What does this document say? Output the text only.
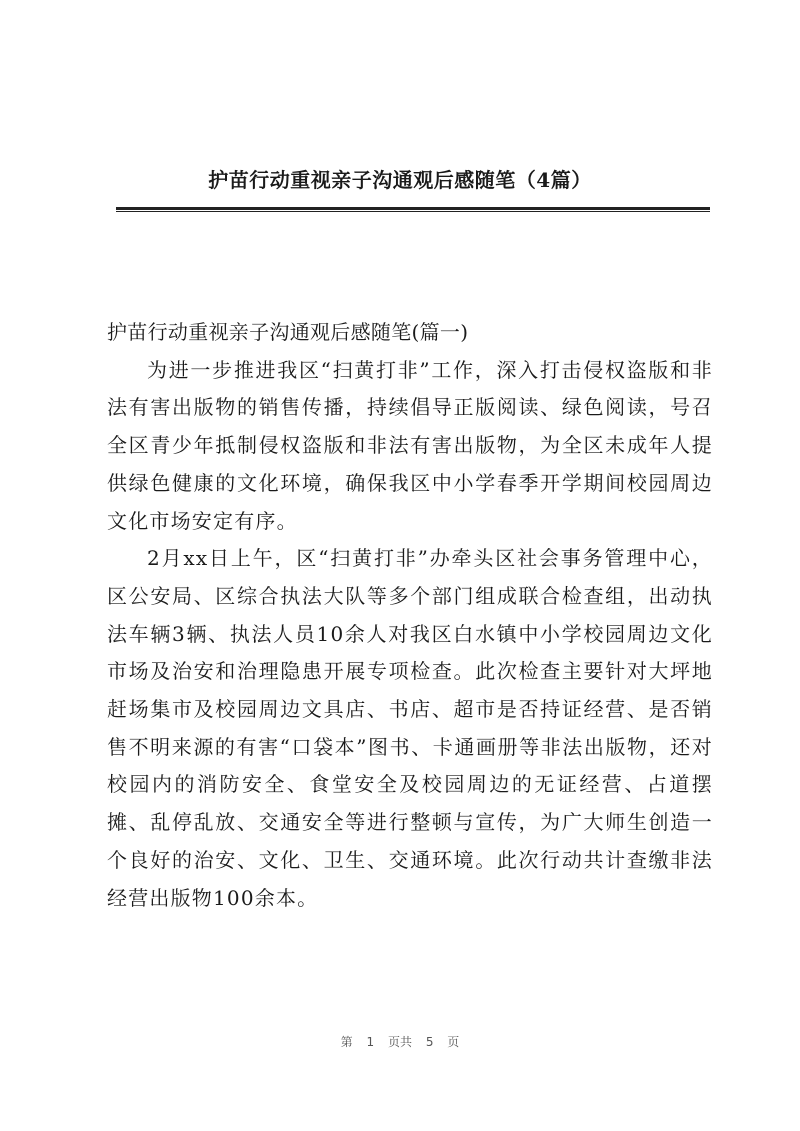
护苗行动重视亲子沟通观后感随笔（4篇）
护苗行动重视亲子沟通观后感随笔(篇一)

为进一步推进我区“扫黄打非”工作，深入打击侵权盗版和非法有害出版物的销售传播，持续倡导正版阅读、绿色阅读，号召全区青少年抵制侵权盗版和非法有害出版物，为全区未成年人提供绿色健康的文化环境，确保我区中小学春季开学期间校园周边文化市场安定有序。

2月xx日上午，区“扫黄打非”办牵头区社会事务管理中心，区公安局、区综合执法大队等多个部门组成联合检查组，出动执法车辆3辆、执法人员10余人对我区白水镇中小学校园周边文化市场及治安和治理隐患开展专项检查。此次检查主要针对大坪地赶场集市及校园周边文具店、书店、超市是否持证经营、是否销售不明来源的有害“口袋本”图书、卡通画册等非法出版物，还对校园内的消防安全、食堂安全及校园周边的无证经营、占道摆摊、乱停乱放、交通安全等进行整顿与宣传，为广大师生创造一个良好的治安、文化、卫生、交通环境。此次行动共计查缴非法经营出版物100余本。

第 1 页共 5 页
